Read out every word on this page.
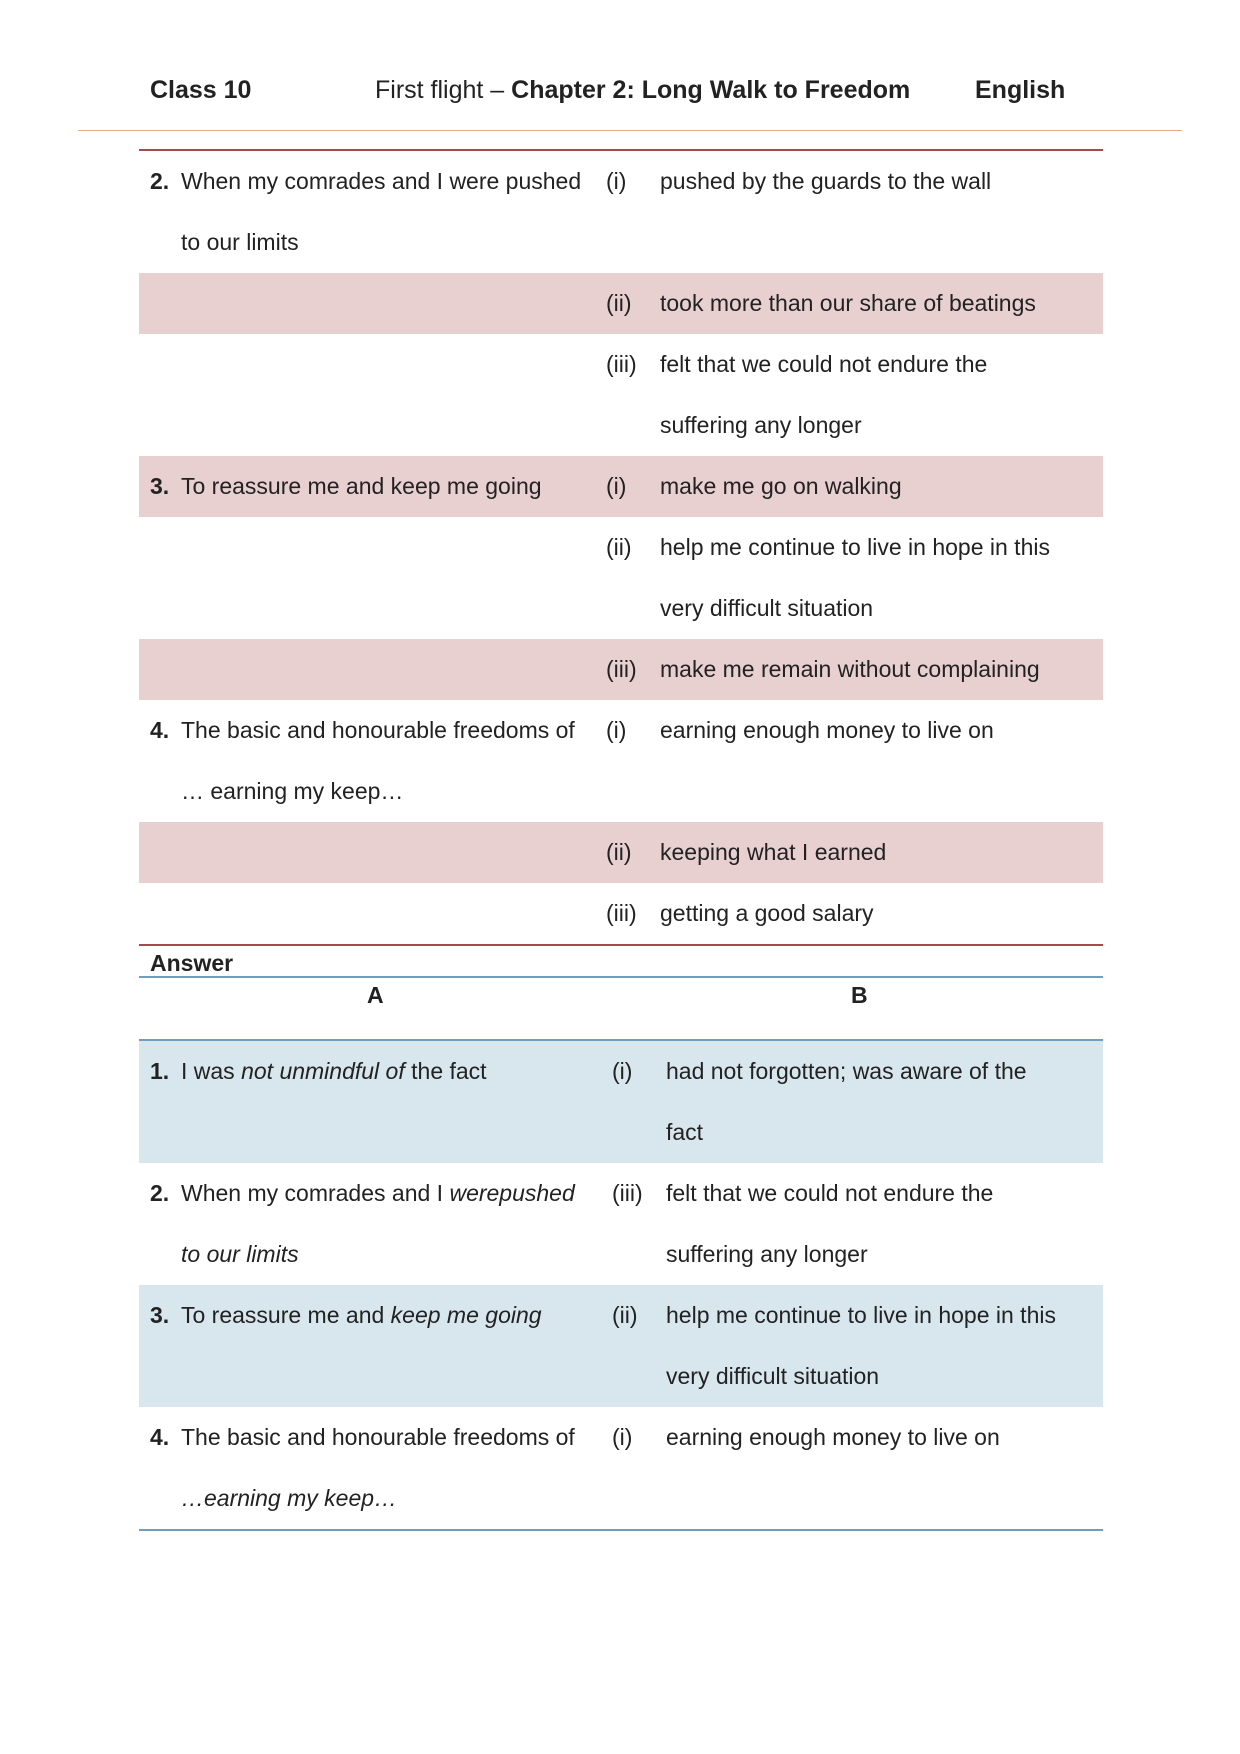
Class 10	First flight – Chapter 2: Long Walk to Freedom	English
2.	When my comrades and I were pushed	(i)	pushed by the guards to the wall
	to our limits		
		(ii)	took more than our share of beatings
		(iii)	felt that we could not endure the
			suffering any longer
3.	To reassure me and keep me going	(i)	make me go on walking
		(ii)	help me continue to live in hope in this
			very difficult situation
		(iii)	make me remain without complaining
4.	The basic and honourable freedoms of	(i)	earning enough money to live on
	… earning my keep…		
		(ii)	keeping what I earned
		(iii)	getting a good salary
Answer
A	B
1.	I was not unmindful of the fact	(i)	had not forgotten; was aware of the
			fact
2.	When my comrades and I werepushed	(iii)	felt that we could not endure the
	to our limits		suffering any longer
3.	To reassure me and keep me going	(ii)	help me continue to live in hope in this
			very difficult situation
4.	The basic and honourable freedoms of	(i)	earning enough money to live on
	…earning my keep…		
